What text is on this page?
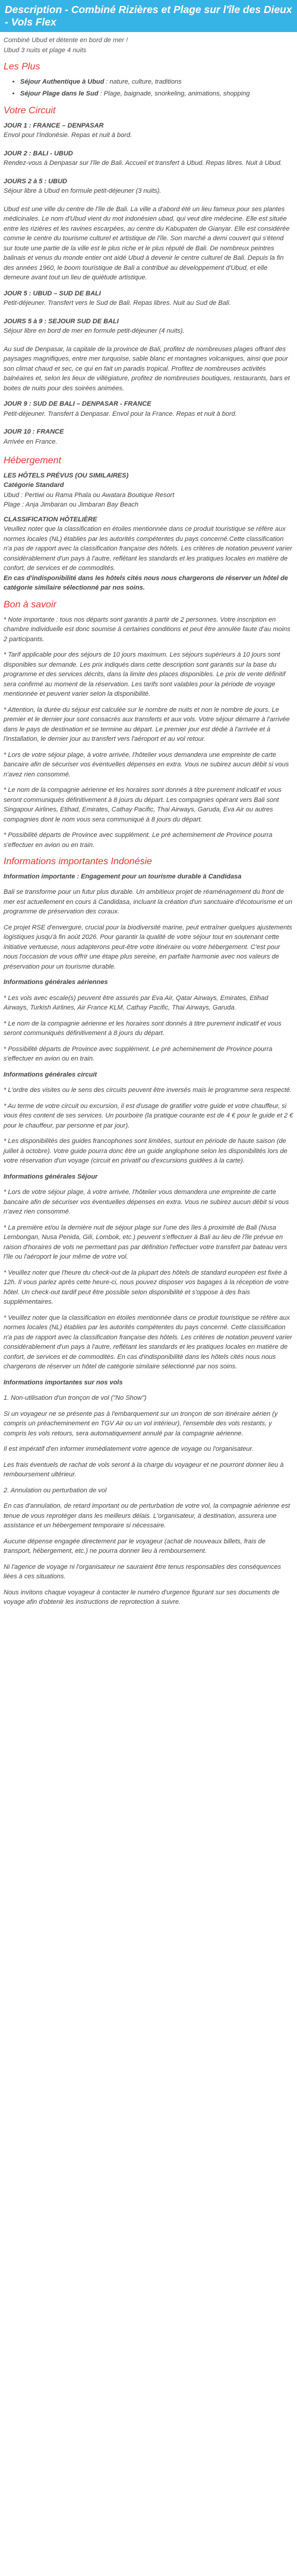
Description - Combiné Rizières et Plage sur l'île des Dieux - Vols Flex

Combiné Ubud et détente en bord de mer !

Ubud 3 nuits et plage 4 nuits

Les Plus
• Séjour Authentique à Ubud : nature, culture, traditions
• Séjour Plage dans le Sud : Plage, baignade, snorkeling, animations, shopping
Votre Circuit

JOUR 1 : FRANCE – DENPASAR

Envol pour l'Indonésie. Repas et nuit à bord.

JOUR 2 : BALI - UBUD

Rendez-vous à Denpasar sur l'île de Bali. Accueil et transfert à Ubud. Repas libres. Nuit à Ubud.

JOURS 2 à 5 : UBUD

Séjour libre à Ubud en formule petit-déjeuner (3 nuits).

Ubud est une ville du centre de l'île de Bali. La ville a d'abord été un lieu fameux pour ses plantes médicinales. Le nom d'Ubud vient du mot indonésien ubad, qui veut dire médecine. Elle est située entre les rizières et les ravines escarpées, au centre du Kabupaten de Gianyar. Elle est considérée comme le centre du tourisme culturel et artistique de l'île. Son marché a demi couvert qui s'étend sur toute une partie de la ville est le plus riche et le plus réputé de Bali. De nombreux peintres balinais et venus du monde entier ont aidé Ubud à devenir le centre culturel de Bali. Depuis la fin des années 1960, le boom touristique de Bali a contribué au développement d'Ubud, et elle demeure avant tout un lieu de quiétude artistique.

JOUR 5 : UBUD – SUD DE BALI

Petit-déjeuner. Transfert vers le Sud de Bali. Repas libres. Nuit au Sud de Bali.

JOURS 5 à 9 : SEJOUR SUD DE BALI

Séjour libre en bord de mer en formule petit-déjeuner (4 nuits).

Au sud de Denpasar, la capitale de la province de Bali, profitez de nombreuses plages offrant des paysages magnifiques, entre mer turquoise, sable blanc et montagnes volcaniques, ainsi que pour son climat chaud et sec, ce qui en fait un paradis tropical. Profitez de nombreuses activités balnéaires et, selon les lieux de villégiature, profitez de nombreuses boutiques, restaurants, bars et boites de nuits pour des soirées animées.

JOUR 9 : SUD DE BALI – DENPASAR - FRANCE

Petit-déjeuner. Transfert à Denpasar. Envol pour la France. Repas et nuit à bord.

JOUR 10 : FRANCE

Arrivée en France.

Hébergement

LES HÔTELS PRÉVUS (OU SIMILAIRES)

Catégorie Standard

Ubud : Pertiwi ou Rama Phala ou Awatara Boutique Resort

Plage : Anja Jimbaran ou Jimbaran Bay Beach

CLASSIFICATION HÔTELIÈRE

Veuillez noter que la classification en étoiles mentionnée dans ce produit touristique se réfère aux normes locales (NL) établies par les autorités compétentes du pays concerné.Cette classification n'a pas de rapport avec la classification française des hôtels. Les critères de notation peuvent varier considérablement d'un pays à l'autre, reflétant les standards et les pratiques locales en matière de confort, de services et de commodités.

En cas d'indisponibilité dans les hôtels cités nous nous chargerons de réserver un hôtel de catégorie similaire sélectionné par nos soins.

Bon à savoir

* Note importante : tous nos départs sont garantis à partir de 2 personnes. Votre inscription en chambre individuelle est donc soumise à certaines conditions et peut être annulée faute d'au moins 2 participants.

* Tarif applicable pour des séjours de 10 jours maximum. Les séjours supérieurs à 10 jours sont disponibles sur demande. Les prix indiqués dans cette description sont garantis sur la base du programme et des services décrits, dans la limite des places disponibles. Le prix de vente définitif sera confirmé au moment de la réservation. Les tarifs sont valables pour la période de voyage mentionnée et peuvent varier selon la disponibilité.

* Attention, la durée du séjour est calculée sur le nombre de nuits et non le nombre de jours. Le premier et le dernier jour sont consacrés aux transferts et aux vols. Votre séjour démarre à l'arrivée dans le pays de destination et se termine au départ. Le premier jour est dédié à l'arrivée et à l'installation, le dernier jour au transfert vers l'aéroport et au vol retour.

* Lors de votre séjour plage, à votre arrivée, l'hôtelier vous demandera une empreinte de carte bancaire afin de sécuriser vos éventuelles dépenses en extra. Vous ne subirez aucun débit si vous n'avez rien consommé.

* Le nom de la compagnie aérienne et les horaires sont donnés à titre purement indicatif et vous seront communiqués définitivement à 8 jours du départ. Les compagnies opérant vers Bali sont Singapour Airlines, Etihad, Emirates, Cathay Pacific, Thai Airways, Garuda, Eva Air ou autres compagnies dont le nom vous sera communiqué à 8 jours du départ.

* Possibilité départs de Province avec supplément. Le pré acheminement de Province pourra s'effectuer en avion ou en train.

Informations importantes Indonésie

Information importante : Engagement pour un tourisme durable à Candidasa

Bali se transforme pour un futur plus durable. Un ambitieux projet de réaménagement du front de mer est actuellement en cours à Candidasa, incluant la création d'un sanctuaire d'écotourisme et un programme de préservation des coraux.

Ce projet RSE d'envergure, crucial pour la biodiversité marine, peut entraîner quelques ajustements logistiques jusqu'à fin août 2026. Pour garantir la qualité de votre séjour tout en soutenant cette initiative vertueuse, nous adapterons peut-être votre itinéraire ou votre hébergement. C'est pour nous l'occasion de vous offrir une étape plus sereine, en parfaite harmonie avec nos valeurs de préservation pour un tourisme durable.

Informations générales aériennes

* Les vols avec escale(s) peuvent être assurés par Eva Air, Qatar Airways, Emirates, Etihad Airways, Turkish Airlines, Air France KLM, Cathay Pacific, Thai Airways, Garuda.

* Le nom de la compagnie aérienne et les horaires sont donnés à titre purement indicatif et vous seront communiqués définitivement à 8 jours du départ.

* Possibilité départs de Province avec supplément. Le pré acheminement de Province pourra s'effectuer en avion ou en train.

Informations générales circuit

* L'ordre des visites ou le sens des circuits peuvent être inversés mais le programme sera respecté.

* Au terme de votre circuit ou excursion, il est d'usage de gratifier votre guide et votre chauffeur, si vous êtes content de ses services. Un pourboire (la pratique courante est de 4 € pour le guide et 2 € pour le chauffeur, par personne et par jour).

* Les disponibilités des guides francophones sont limitées, surtout en période de haute saison (de juillet à octobre). Votre guide pourra donc être un guide anglophone selon les disponibilités lors de votre réservation d'un voyage (circuit en privatif ou d'excursions guidées à la carte).

Informations générales Séjour

* Lors de votre séjour plage, à votre arrivée, l'hôtelier vous demandera une empreinte de carte bancaire afin de sécuriser vos éventuelles dépenses en extra. Vous ne subirez aucun débit si vous n'avez rien consommé.

* La première et/ou la dernière nuit de séjour plage sur l'une des îles à proximité de Bali (Nusa Lembongan, Nusa Penida, Gili, Lombok, etc.) peuvent s'effectuer à Bali au lieu de l'île prévue en raison d'horaires de vols ne permettant pas par définition l'effectuer votre transfert par bateau vers l'île ou l'aéroport le jour même de votre vol.

* Veuillez noter que l'heure du check-out de la plupart des hôtels de standard européen est fixée à 12h. Il vous parlez après cette heure-ci, nous pouvez disposer vos bagages à la réception de votre hôtel. Un check-out tardif peut être possible selon disponibilité et s'oppose à des frais supplémentaires.

* Veuillez noter que la classification en étoiles mentionnée dans ce produit touristique se réfère aux normes locales (NL) établies par les autorités compétentes du pays concerné. Cette classification n'a pas de rapport avec la classification française des hôtels. Les critères de notation peuvent varier considérablement d'un pays à l'autre, reflétant les standards et les pratiques locales en matière de confort, de services et de commodités. En cas d'indisponibilité dans les hôtels cités nous nous chargerons de réserver un hôtel de catégorie similaire sélectionné par nos soins.

Informations importantes sur nos vols

1. Non-utilisation d'un tronçon de vol ("No Show")

Si un voyageur ne se présente pas à l'embarquement sur un tronçon de son itinéraire aérien (y compris un préacheminement en TGV Air ou un vol intérieur), l'ensemble des vols restants, y compris les vols retours, sera automatiquement annulé par la compagnie aérienne.

Il est impératif d'en informer immédiatement votre agence de voyage ou l'organisateur.

Les frais éventuels de rachat de vols seront à la charge du voyageur et ne pourront donner lieu à remboursement ultérieur.

2. Annulation ou perturbation de vol

En cas d'annulation, de retard important ou de perturbation de votre vol, la compagnie aérienne est tenue de vous reprotéger dans les meilleurs délais. L'organisateur, à destination, assurera une assistance et un hébergement temporaire si nécessaire.

Aucune dépense engagée directement par le voyageur (achat de nouveaux billets, frais de transport, hébergement, etc.) ne pourra donner lieu à remboursement.

Ni l'agence de voyage ni l'organisateur ne sauraient être tenus responsables des conséquences liées à ces situations.

Nous invitons chaque voyageur à contacter le numéro d'urgence figurant sur ses documents de voyage afin d'obtenir les instructions de reprotection à suivre.
